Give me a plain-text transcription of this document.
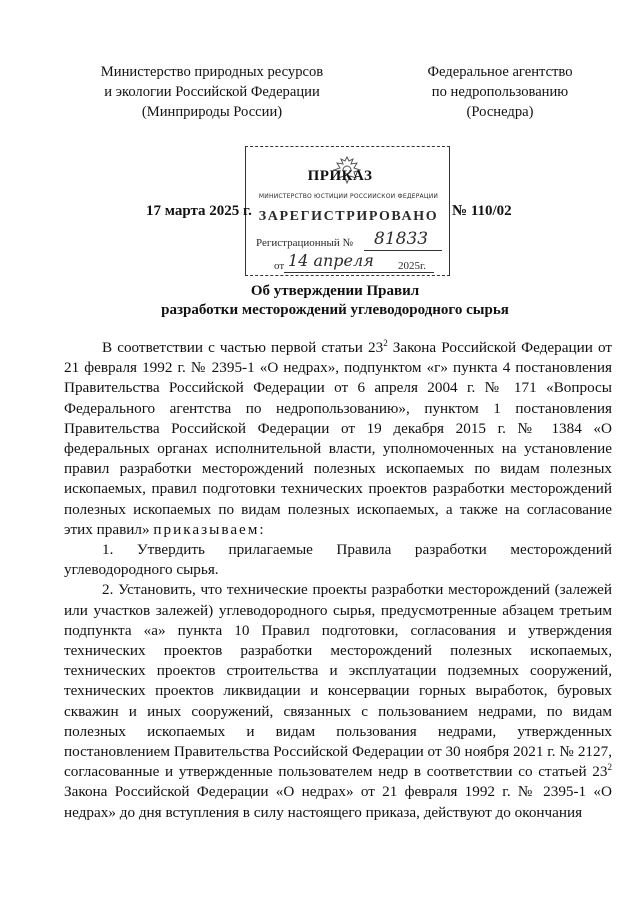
Министерство природных ресурсов
и экологии Российской Федерации
(Минприроды России)
Федеральное агентство
по недропользованию
(Роснедра)
МИНИСТЕРСТВО ЮСТИЦИИ РОССИЙСКОЙ ФЕДЕРАЦИИ
ЗАРЕГИСТРИРОВАНО
Регистрационный № 81833
от 14 апреля 2025г.
ПРИКАЗ
17 марта 2025 г.	№ 110/02
Об утверждении Правил
разработки месторождений углеводородного сырья

В соответствии с частью первой статьи $23^2$ Закона Российской Федерации от 21 февраля 1992 г. № 2395-1 «О недрах», подпунктом «г» пункта 4 постановления Правительства Российской Федерации от 6 апреля 2004 г. № 171 «Вопросы Федерального агентства по недропользованию», пунктом 1 постановления Правительства Российской Федерации от 19 декабря 2015 г. № 1384 «О федеральных органах исполнительной власти, уполномоченных на установление правил разработки месторождений полезных ископаемых по видам полезных ископаемых, правил подготовки технических проектов разработки месторождений полезных ископаемых по видам полезных ископаемых, а также на согласование этих правил» приказываем:

1. Утвердить прилагаемые Правила разработки месторождений углеводородного сырья.

2. Установить, что технические проекты разработки месторождений (залежей или участков залежей) углеводородного сырья, предусмотренные абзацем третьим подпункта «а» пункта 10 Правил подготовки, согласования и утверждения технических проектов разработки месторождений полезных ископаемых, технических проектов строительства и эксплуатации подземных сооружений, технических проектов ликвидации и консервации горных выработок, буровых скважин и иных сооружений, связанных с пользованием недрами, по видам полезных ископаемых и видам пользования недрами, утвержденных постановлением Правительства Российской Федерации от 30 ноября 2021 г. № 2127, согласованные и утвержденные пользователем недр в соответствии со статьей $23^2$ Закона Российской Федерации «О недрах» от 21 февраля 1992 г. № 2395-1 «О недрах» до дня вступления в силу настоящего приказа, действуют до окончания
